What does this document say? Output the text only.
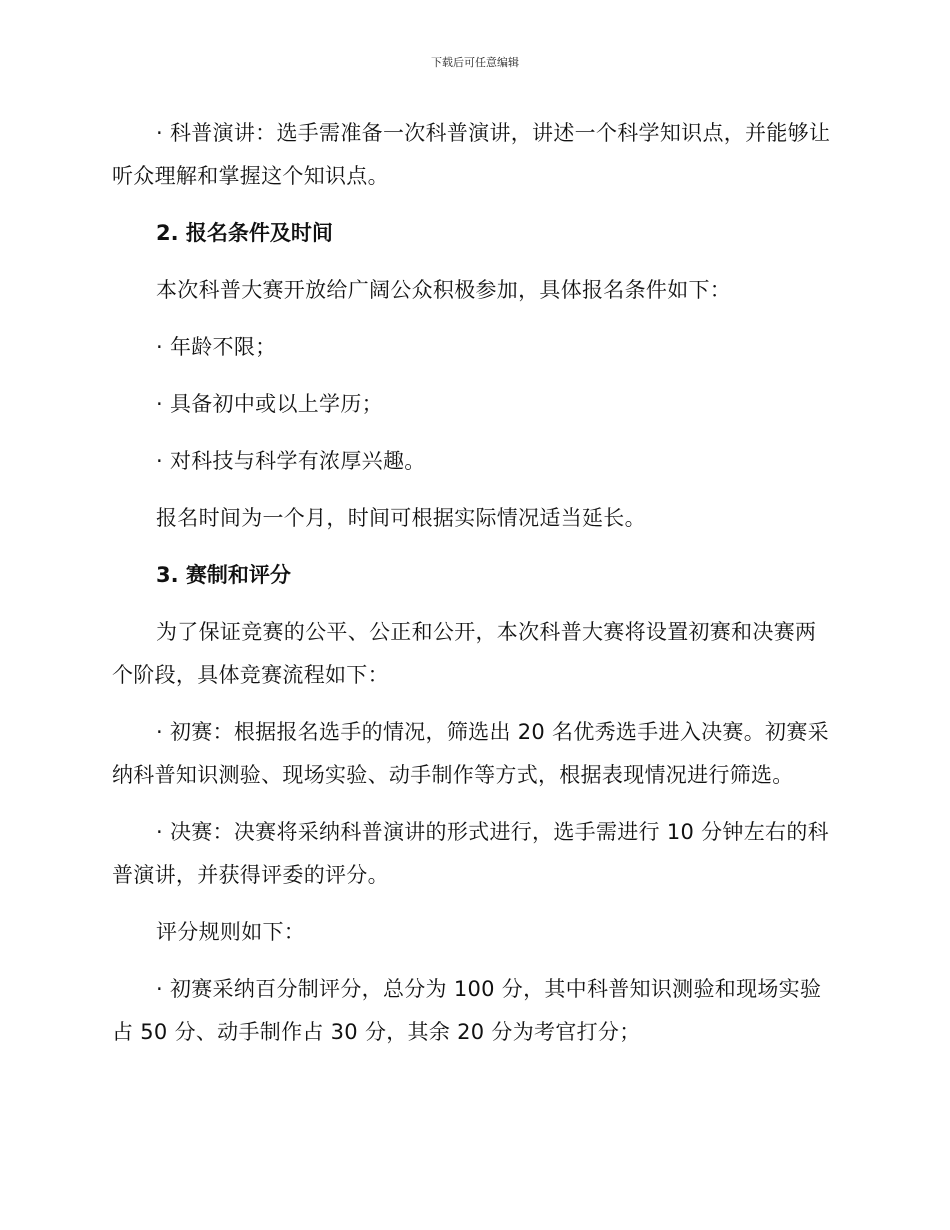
下载后可任意编辑

· 科普演讲：选手需准备一次科普演讲，讲述一个科学知识点，并能够让听众理解和掌握这个知识点。

2. 报名条件及时间

本次科普大赛开放给广阔公众积极参加，具体报名条件如下：

· 年龄不限；

· 具备初中或以上学历；

· 对科技与科学有浓厚兴趣。

报名时间为一个月，时间可根据实际情况适当延长。

3. 赛制和评分

为了保证竞赛的公平、公正和公开，本次科普大赛将设置初赛和决赛两个阶段，具体竞赛流程如下：

· 初赛：根据报名选手的情况，筛选出 20 名优秀选手进入决赛。初赛采纳科普知识测验、现场实验、动手制作等方式，根据表现情况进行筛选。

· 决赛：决赛将采纳科普演讲的形式进行，选手需进行 10 分钟左右的科普演讲，并获得评委的评分。

评分规则如下：

· 初赛采纳百分制评分，总分为 100 分，其中科普知识测验和现场实验占 50 分、动手制作占 30 分，其余 20 分为考官打分；
